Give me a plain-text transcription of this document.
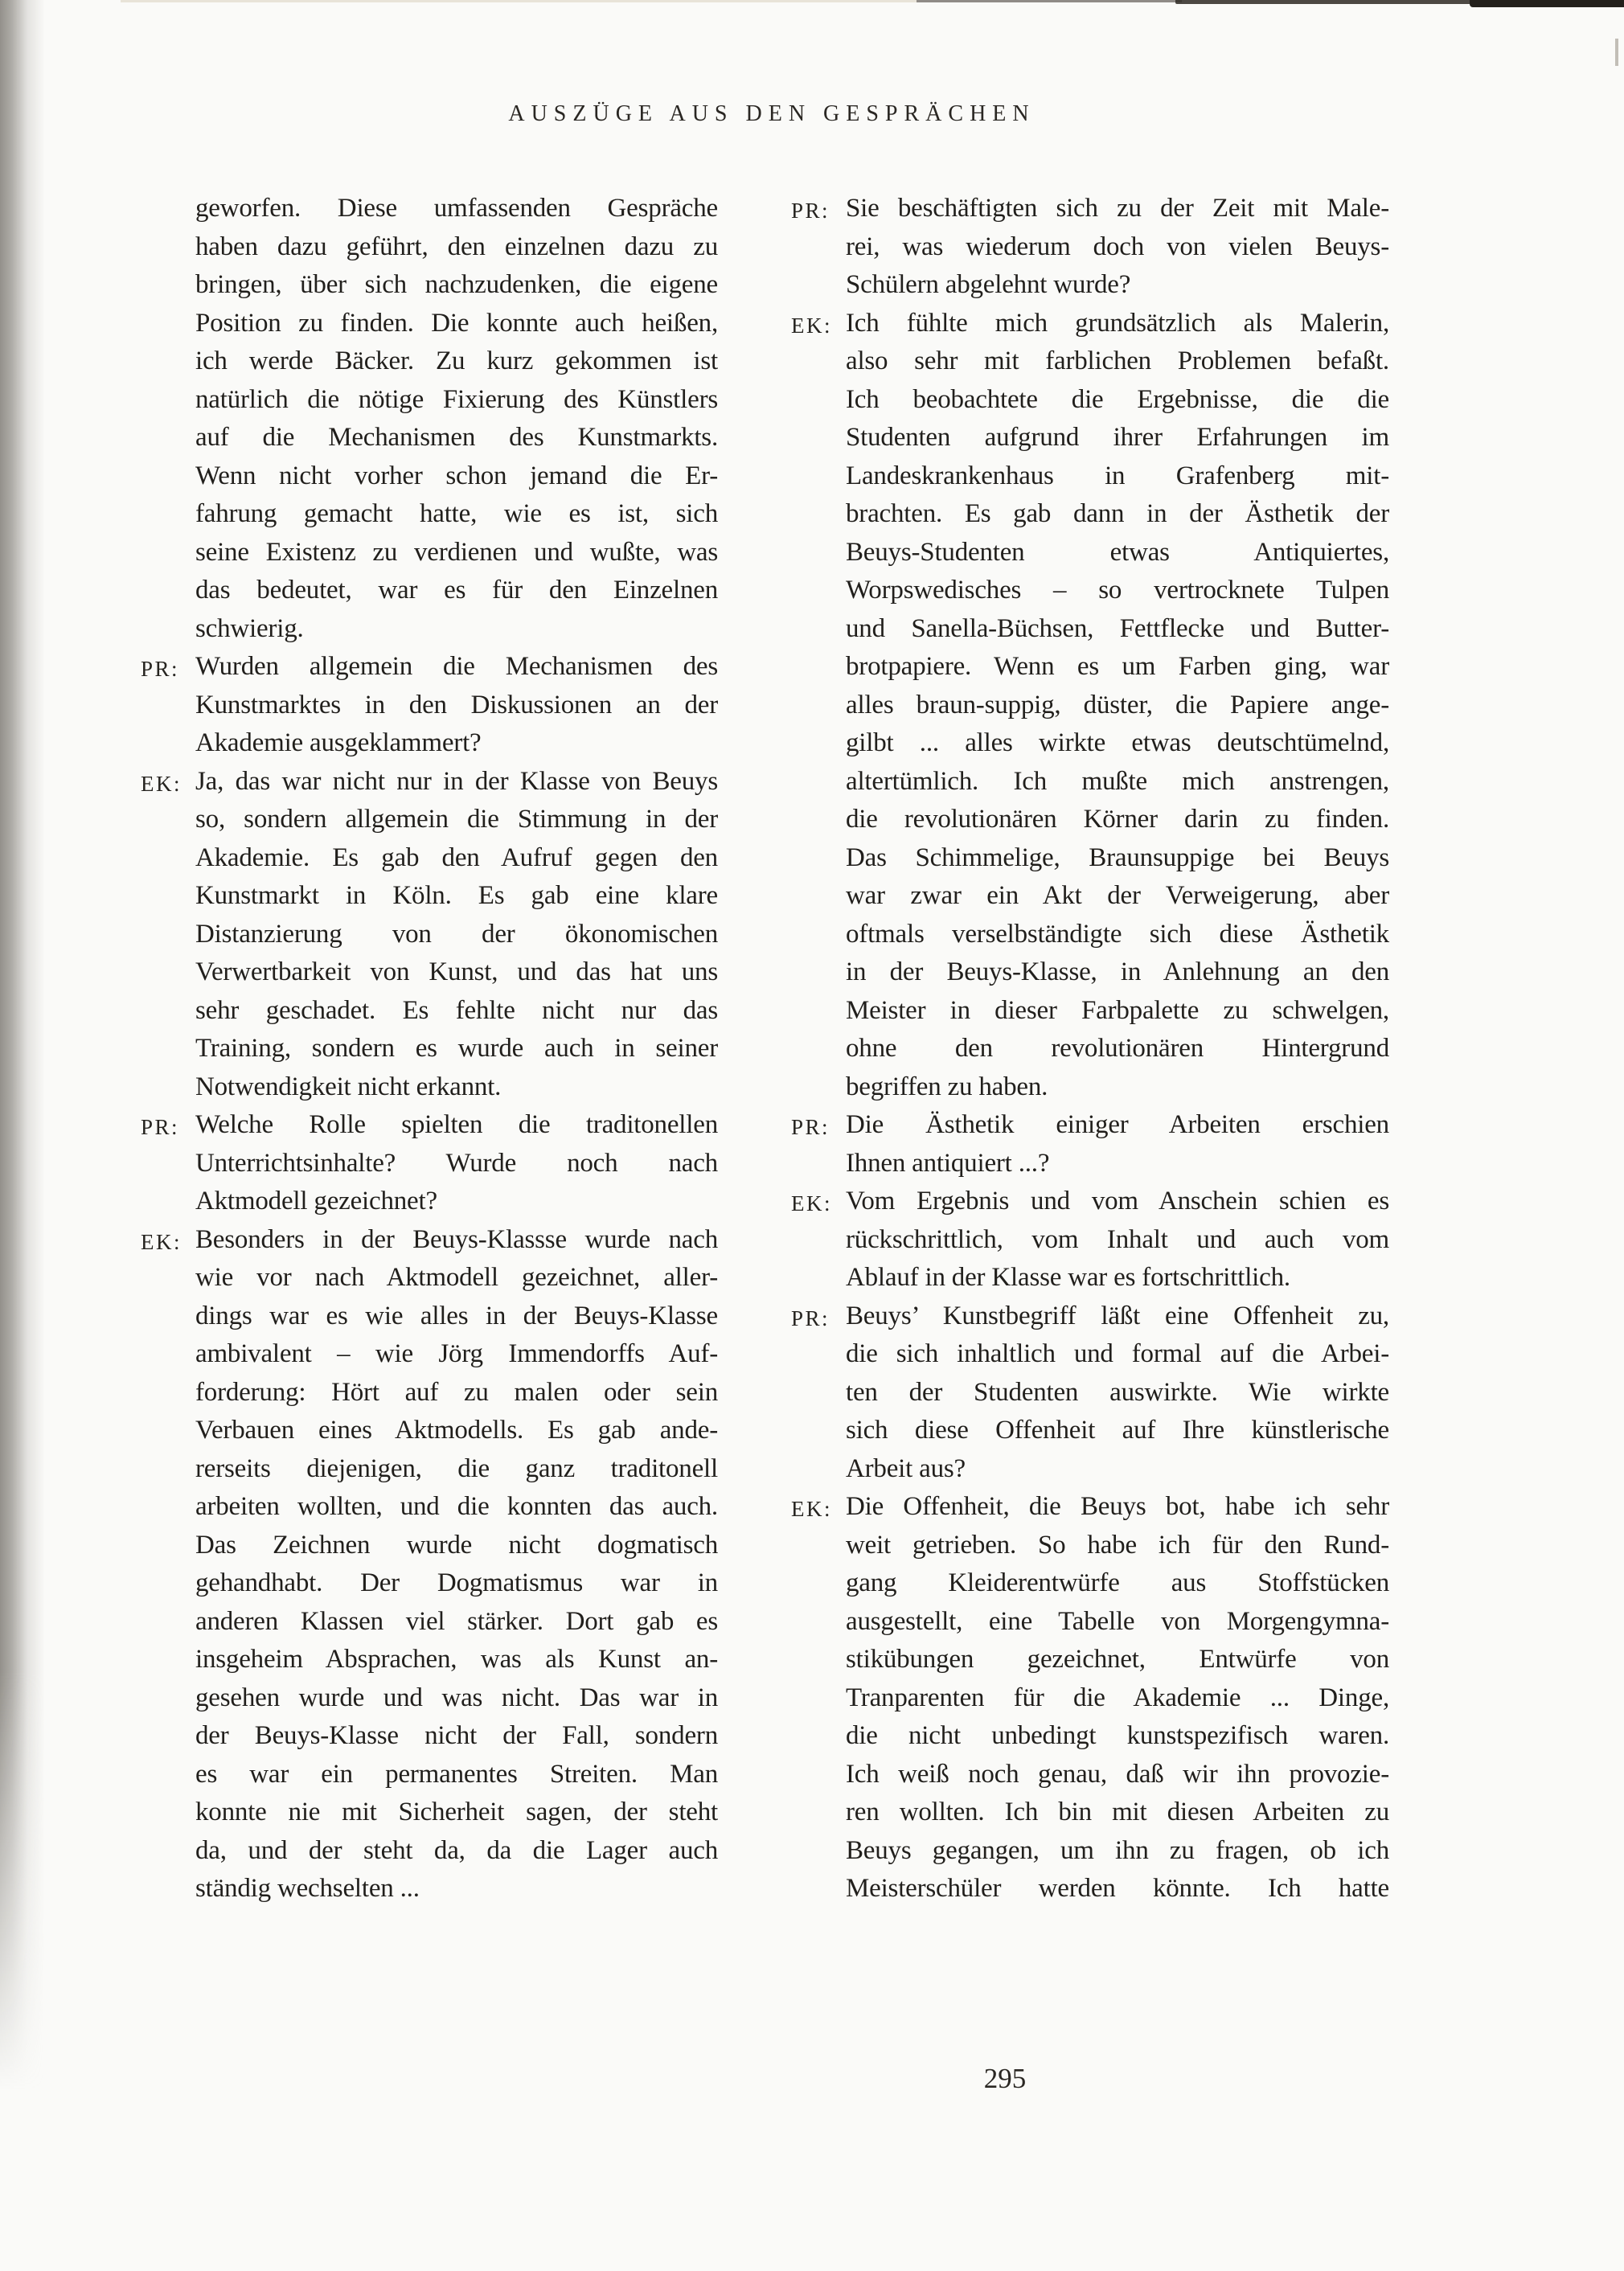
AUSZÜGE AUS DEN GESPRÄCHEN
geworfen. Diese umfassenden Gespräche
haben dazu geführt, den einzelnen dazu zu
bringen, über sich nachzudenken, die eigene
Position zu finden. Die konnte auch heißen,
ich werde Bäcker. Zu kurz gekommen ist
natürlich die nötige Fixierung des Künstlers
auf die Mechanismen des Kunstmarkts.
Wenn nicht vorher schon jemand die Er-
fahrung gemacht hatte, wie es ist, sich
seine Existenz zu verdienen und wußte, was
das bedeutet, war es für den Einzelnen
schwierig.
PR: Wurden allgemein die Mechanismen des
Kunstmarktes in den Diskussionen an der
Akademie ausgeklammert?
EK: Ja, das war nicht nur in der Klasse von Beuys
so, sondern allgemein die Stimmung in der
Akademie. Es gab den Aufruf gegen den
Kunstmarkt in Köln. Es gab eine klare
Distanzierung von der ökonomischen
Verwertbarkeit von Kunst, und das hat uns
sehr geschadet. Es fehlte nicht nur das
Training, sondern es wurde auch in seiner
Notwendigkeit nicht erkannt.
PR: Welche Rolle spielten die traditonellen
Unterrichtsinhalte? Wurde noch nach
Aktmodell gezeichnet?
EK: Besonders in der Beuys-Klassse wurde nach
wie vor nach Aktmodell gezeichnet, aller-
dings war es wie alles in der Beuys-Klasse
ambivalent – wie Jörg Immendorffs Auf-
forderung: Hört auf zu malen oder sein
Verbauen eines Aktmodells. Es gab ande-
rerseits diejenigen, die ganz traditonell
arbeiten wollten, und die konnten das auch.
Das Zeichnen wurde nicht dogmatisch
gehandhabt. Der Dogmatismus war in
anderen Klassen viel stärker. Dort gab es
insgeheim Absprachen, was als Kunst an-
gesehen wurde und was nicht. Das war in
der Beuys-Klasse nicht der Fall, sondern
es war ein permanentes Streiten. Man
konnte nie mit Sicherheit sagen, der steht
da, und der steht da, da die Lager auch
ständig wechselten ...
PR: Sie beschäftigten sich zu der Zeit mit Male-
rei, was wiederum doch von vielen Beuys-
Schülern abgelehnt wurde?
EK: Ich fühlte mich grundsätzlich als Malerin,
also sehr mit farblichen Problemen befaßt.
Ich beobachtete die Ergebnisse, die die
Studenten aufgrund ihrer Erfahrungen im
Landeskrankenhaus in Grafenberg mit-
brachten. Es gab dann in der Ästhetik der
Beuys-Studenten etwas Antiquiertes,
Worpswedisches – so vertrocknete Tulpen
und Sanella-Büchsen, Fettflecke und Butter-
brotpapiere. Wenn es um Farben ging, war
alles braun-suppig, düster, die Papiere ange-
gilbt ... alles wirkte etwas deutschtümelnd,
altertümlich. Ich mußte mich anstrengen,
die revolutionären Körner darin zu finden.
Das Schimmelige, Braunsuppige bei Beuys
war zwar ein Akt der Verweigerung, aber
oftmals verselbständigte sich diese Ästhetik
in der Beuys-Klasse, in Anlehnung an den
Meister in dieser Farbpalette zu schwelgen,
ohne den revolutionären Hintergrund
begriffen zu haben.
PR: Die Ästhetik einiger Arbeiten erschien
Ihnen antiquiert ...?
EK: Vom Ergebnis und vom Anschein schien es
rückschrittlich, vom Inhalt und auch vom
Ablauf in der Klasse war es fortschrittlich.
PR: Beuys’ Kunstbegriff läßt eine Offenheit zu,
die sich inhaltlich und formal auf die Arbei-
ten der Studenten auswirkte. Wie wirkte
sich diese Offenheit auf Ihre künstlerische
Arbeit aus?
EK: Die Offenheit, die Beuys bot, habe ich sehr
weit getrieben. So habe ich für den Rund-
gang Kleiderentwürfe aus Stoffstücken
ausgestellt, eine Tabelle von Morgengymna-
stikübungen gezeichnet, Entwürfe von
Tranparenten für die Akademie ... Dinge,
die nicht unbedingt kunstspezifisch waren.
Ich weiß noch genau, daß wir ihn provozie-
ren wollten. Ich bin mit diesen Arbeiten zu
Beuys gegangen, um ihn zu fragen, ob ich
Meisterschüler werden könnte. Ich hatte
295
